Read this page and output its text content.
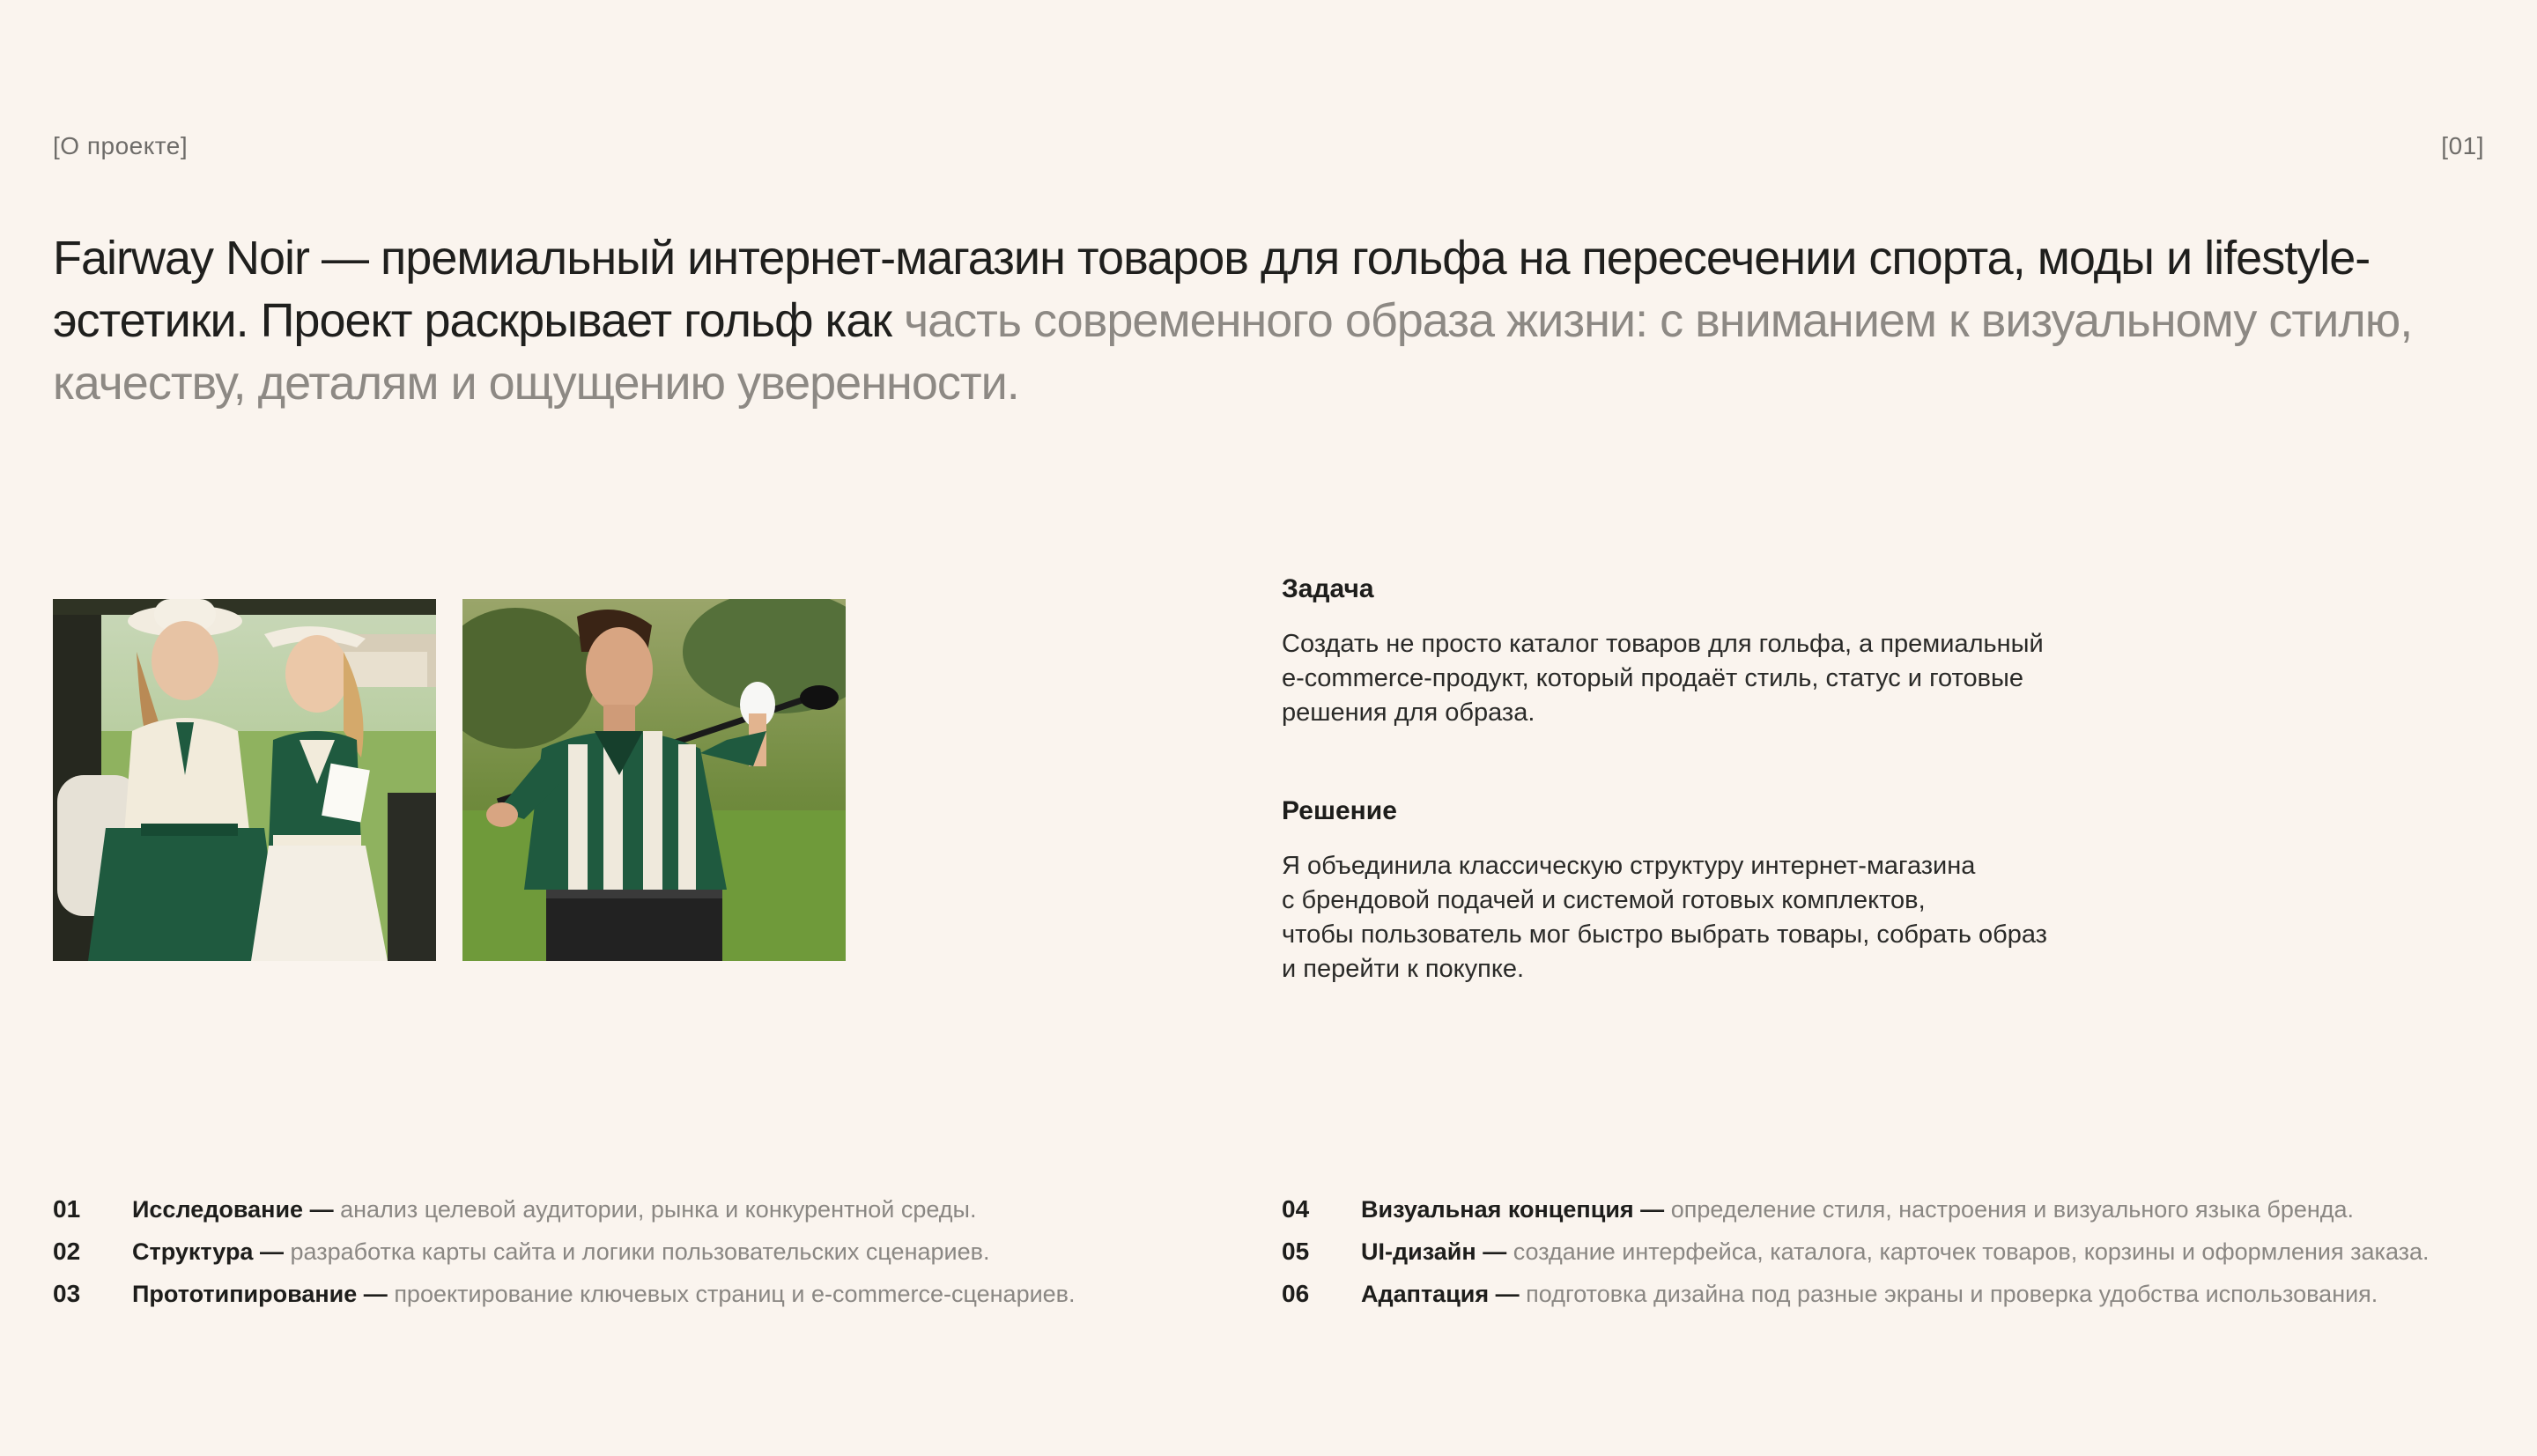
[О проекте]	[01]
Fairway Noir — премиальный интернет-магазин товаров для гольфа на пересечении спорта, моды и lifestyle-эстетики. Проект раскрывает гольф как часть современного образа жизни: с вниманием к визуальному стилю, качеству, деталям и ощущению уверенности.
Задача

Создать не просто каталог товаров для гольфа, а премиальный
e-commerce-продукт, который продаёт стиль, статус и готовые
решения для образа.

Решение

Я объединила классическую структуру интернет-магазина
с брендовой подачей и системой готовых комплектов,
чтобы пользователь мог быстро выбрать товары, собрать образ
и перейти к покупке.

01	Исследование — анализ целевой аудитории, рынка и конкурентной среды.
02	Структура — разработка карты сайта и логики пользовательских сценариев.
03	Прототипирование — проектирование ключевых страниц и e-commerce-сценариев.
04	Визуальная концепция — определение стиля, настроения и визуального языка бренда.
05	UI-дизайн — создание интерфейса, каталога, карточек товаров, корзины и оформления заказа.
06	Адаптация — подготовка дизайна под разные экраны и проверка удобства использования.
